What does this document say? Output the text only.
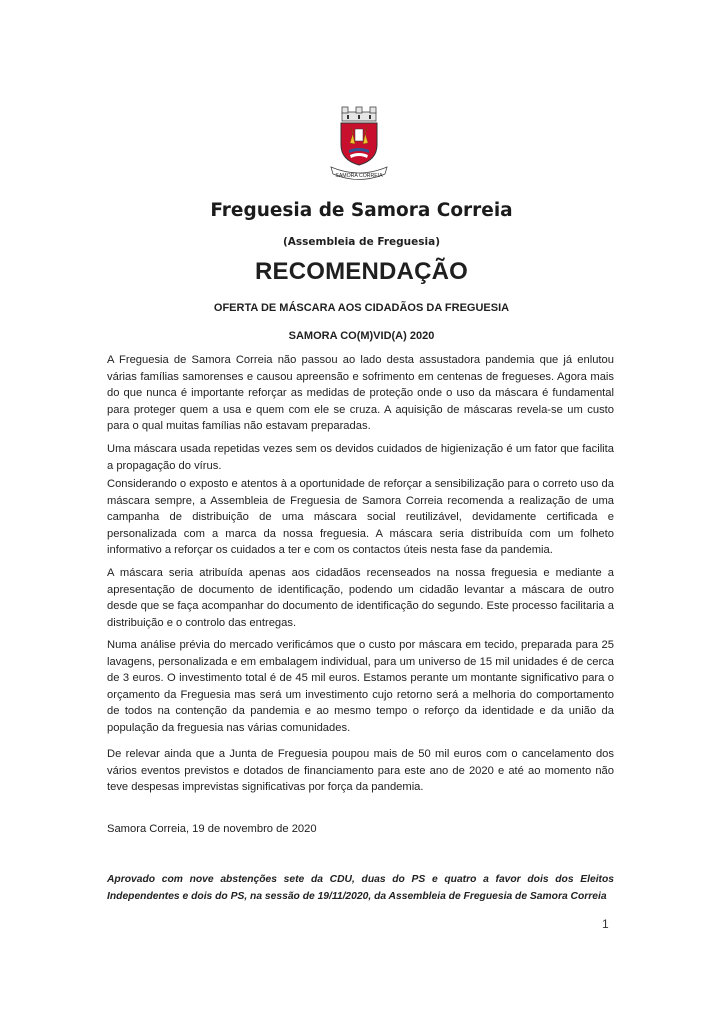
SAMORA CORREIA
Freguesia de Samora Correia
(Assembleia de Freguesia)
RECOMENDAÇÃO
OFERTA DE MÁSCARA AOS CIDADÃOS DA FREGUESIA
SAMORA CO(M)VID(A) 2020

A Freguesia de Samora Correia não passou ao lado desta assustadora pandemia que já enlutou várias famílias samorenses e causou apreensão e sofrimento em centenas de fregueses. Agora mais do que nunca é importante reforçar as medidas de proteção onde o uso da máscara é fundamental para proteger quem a usa e quem com ele se cruza. A aquisição de máscaras revela-se um custo para o qual muitas famílias não estavam preparadas.

Uma máscara usada repetidas vezes sem os devidos cuidados de higienização é um fator que facilita a propagação do vírus.

Considerando o exposto e atentos à a oportunidade de reforçar a sensibilização para o correto uso da máscara sempre, a Assembleia de Freguesia de Samora Correia recomenda a realização de uma campanha de distribuição de uma máscara social reutilizável, devidamente certificada e personalizada com a marca da nossa freguesia. A máscara seria distribuída com um folheto informativo a reforçar os cuidados a ter e com os contactos úteis nesta fase da pandemia.

A máscara seria atribuída apenas aos cidadãos recenseados na nossa freguesia e mediante a apresentação de documento de identificação, podendo um cidadão levantar a máscara de outro desde que se faça acompanhar do documento de identificação do segundo. Este processo facilitaria a distribuição e o controlo das entregas.

Numa análise prévia do mercado verificámos que o custo por máscara em tecido, preparada para 25 lavagens, personalizada e em embalagem individual, para um universo de 15 mil unidades é de cerca de 3 euros. O investimento total é de 45 mil euros. Estamos perante um montante significativo para o orçamento da Freguesia mas será um investimento cujo retorno será a melhoria do comportamento de todos na contenção da pandemia e ao mesmo tempo o reforço da identidade e da união da população da freguesia nas várias comunidades.

De relevar ainda que a Junta de Freguesia poupou mais de 50 mil euros com o cancelamento dos vários eventos previstos e dotados de financiamento para este ano de 2020 e até ao momento não teve despesas imprevistas significativas por força da pandemia.

Samora Correia, 19 de novembro de 2020

Aprovado com nove abstenções sete da CDU, duas do PS e quatro a favor dois dos Eleitos Independentes e dois do PS, na sessão de 19/11/2020, da Assembleia de Freguesia de Samora Correia

1
